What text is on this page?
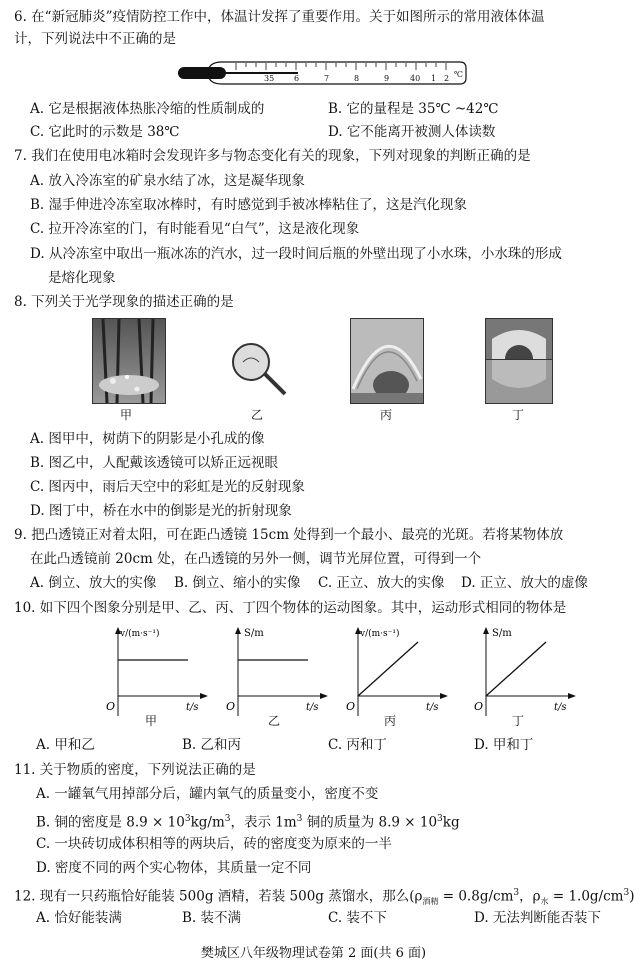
6. 在“新冠肺炎”疫情防控工作中，体温计发挥了重要作用。关于如图所示的常用液体体温
计，下列说法中不正确的是
35 6	7	8	9	40 1 2 ℃
A. 它是根据液体热胀冷缩的性质制成的	B. 它的量程是 35℃ ~42℃
C. 它此时的示数是 38℃	D. 它不能离开被测人体读数
7. 我们在使用电冰箱时会发现许多与物态变化有关的现象，下列对现象的判断正确的是
A. 放入冷冻室的矿泉水结了冰，这是凝华现象
B. 湿手伸进冷冻室取冰棒时，有时感觉到手被冰棒粘住了，这是汽化现象
C. 拉开冷冻室的门，有时能看见“白气”，这是液化现象
D. 从冷冻室中取出一瓶冰冻的汽水，过一段时间后瓶的外壁出现了小水珠，小水珠的形成
是熔化现象
8. 下列关于光学现象的描述正确的是
甲	乙	丙	丁
A. 图甲中，树荫下的阴影是小孔成的像
B. 图乙中，人配戴该透镜可以矫正远视眼
C. 图丙中，雨后天空中的彩虹是光的反射现象
D. 图丁中，桥在水中的倒影是光的折射现象
9. 把凸透镜正对着太阳，可在距凸透镜 15cm 处得到一个最小、最亮的光斑。若将某物体放
在此凸透镜前 20cm 处，在凸透镜的另外一侧，调节光屏位置，可得到一个
A. 倒立、放大的实像 B. 倒立、缩小的实像 C. 正立、放大的实像 D. 正立、放大的虚像
10. 如下四个图象分别是甲、乙、丙、丁四个物体的运动图象。其中，运动形式相同的物体是
v/(m·s⁻¹)
t/s
O
S/m
t/s
O
v/(m·s⁻¹)
t/s
O
S/m
t/s
O
甲	乙	丙	丁
A. 甲和乙	B. 乙和丙	C. 丙和丁	D. 甲和丁
11. 关于物质的密度，下列说法正确的是
A. 一罐氧气用掉部分后，罐内氧气的质量变小，密度不变
B. 铜的密度是 $8.9 \times 10^3kg/m^3$，表示 $1m^3$ 铜的质量为 $8.9 \times 10^3kg$
C. 一块砖切成体积相等的两块后，砖的密度变为原来的一半
D. 密度不同的两个实心物体，其质量一定不同
12. 现有一只药瓶恰好能装 500g 酒精，若装 500g 蒸馏水，那么($\rho_{酒精} = 0.8g/cm^3$，$\rho_水 = 1.0g/cm^3$)
A. 恰好能装满	B. 装不满	C. 装不下	D. 无法判断能否装下
樊城区八年级物理试卷第 2 面(共 6 面)
